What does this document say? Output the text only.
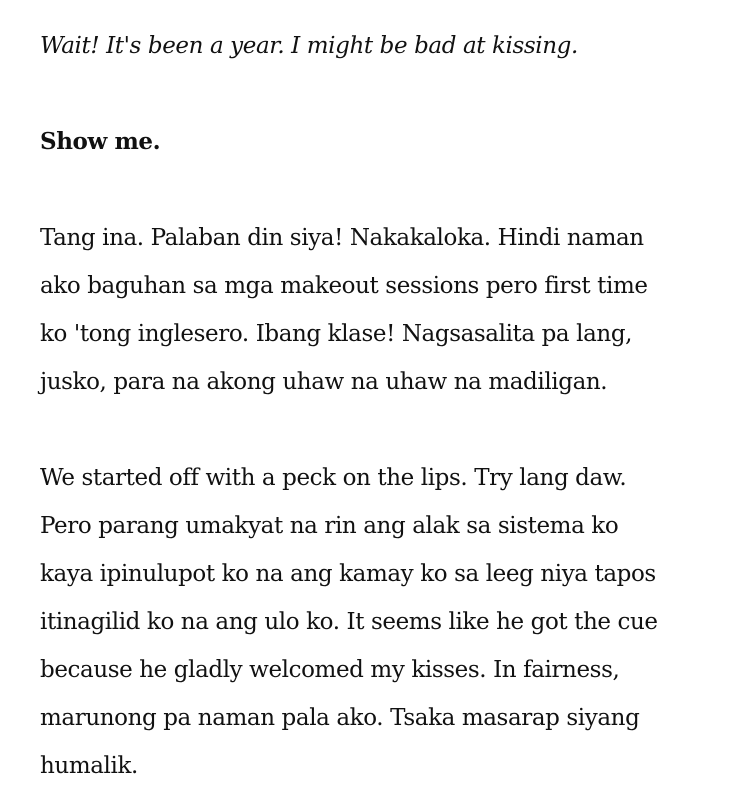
Wait! It's been a year. I might be bad at kissing.
Show me.
Tang ina. Palaban din siya! Nakakaloka. Hindi naman
ako baguhan sa mga makeout sessions pero first time
ko 'tong inglesero. Ibang klase! Nagsasalita pa lang,
jusko, para na akong uhaw na uhaw na madiligan.
We started off with a peck on the lips. Try lang daw.
Pero parang umakyat na rin ang alak sa sistema ko
kaya ipinulupot ko na ang kamay ko sa leeg niya tapos
itinagilid ko na ang ulo ko. It seems like he got the cue
because he gladly welcomed my kisses. In fairness,
marunong pa naman pala ako. Tsaka masarap siyang
humalik.
